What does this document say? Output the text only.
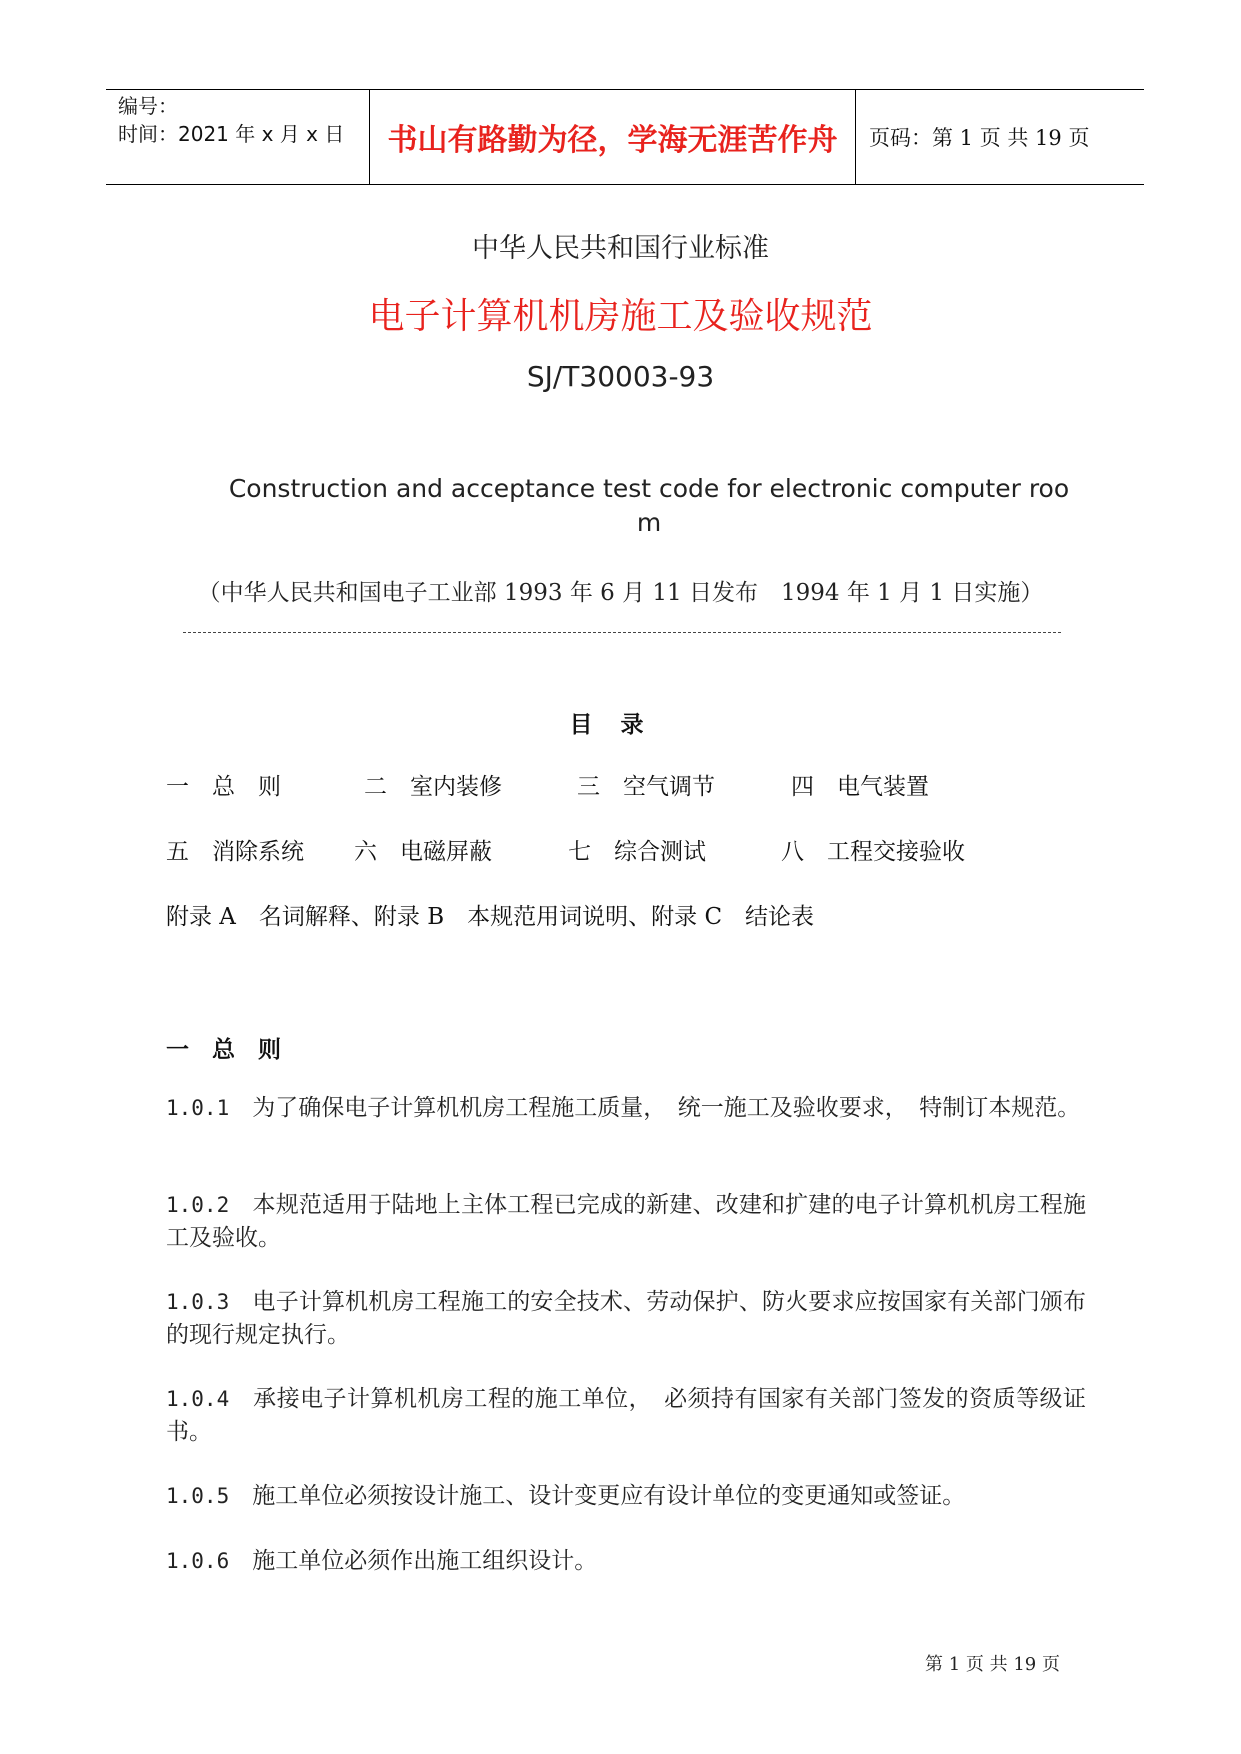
编号：
时间：2021 年 x 月 x 日	书山有路勤为径，学海无涯苦作舟	页码：第 1 页 共 19 页
中华人民共和国行业标准
电子计算机机房施工及验收规范
SJ/T30003-93
Construction and acceptance test code for electronic computer room
（中华人民共和国电子工业部 1993 年 6 月 11 日发布　1994 年 1 月 1 日实施）
目录
一　总　则	二　室内装修	三　空气调节	四　电气装置
五　消除系统 六　电磁屏蔽	七　综合测试	八　工程交接验收
附录 A　名词解释、附录 B　本规范用词说明、附录 C　结论表
一　总　则
1.0.1　 为了确保电子计算机机房工程施工质量，　统一施工及验收要求，　特制订本规范。
1.0.2　 本规范适用于陆地上主体工程已完成的新建、改建和扩建的电子计算机机房工程施工及验收。
1.0.3　 电子计算机机房工程施工的安全技术、劳动保护、防火要求应按国家有关部门颁布的现行规定执行。
1.0.4　 承接电子计算机机房工程的施工单位，　必须持有国家有关部门签发的资质等级证书。
1.0.5　 施工单位必须按设计施工、设计变更应有设计单位的变更通知或签证。
1.0.6　 施工单位必须作出施工组织设计。
第 1 页 共 19 页
